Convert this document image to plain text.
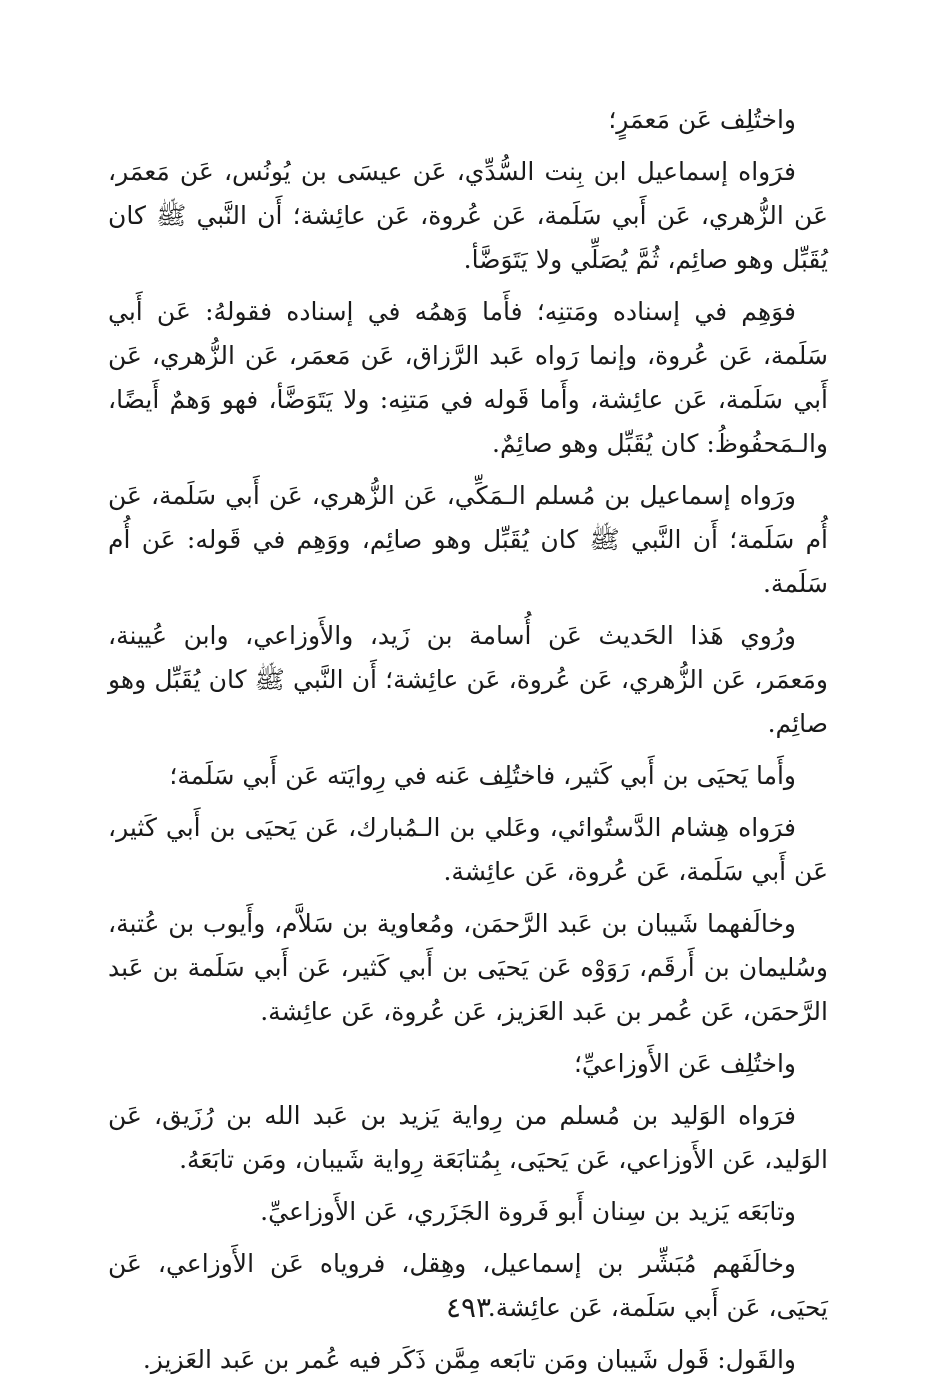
واختُلِف عَن مَعمَرٍ؛

فرَواه إسماعيل ابن بِنت السُّدِّي، عَن عيسَى بن يُونُس، عَن مَعمَر، عَن الزُّهري، عَن أَبي سَلَمة، عَن عُروة، عَن عائِشة؛ أَن النَّبي ﷺ كان يُقَبِّل وهو صائِم، ثُمَّ يُصَلِّي ولا يَتَوَضَّأ.

فوَهِم في إسناده ومَتنِه؛ فأَما وَهمُه في إسناده فقولهُ: عَن أَبي سَلَمة، عَن عُروة، وإنما رَواه عَبد الرَّزاق، عَن مَعمَر، عَن الزُّهري، عَن أَبي سَلَمة، عَن عائِشة، وأَما قَوله في مَتنِه: ولا يَتَوَضَّأ، فهو وَهمٌ أَيضًا، والـمَحفُوظُ: كان يُقَبِّل وهو صائِمٌ.

ورَواه إسماعيل بن مُسلم الـمَكِّي، عَن الزُّهري، عَن أَبي سَلَمة، عَن أُم سَلَمة؛ أَن النَّبي ﷺ كان يُقَبِّل وهو صائِم، ووَهِم في قَوله: عَن أُم سَلَمة.

ورُوي هَذا الحَديث عَن أُسامة بن زَيد، والأَوزاعي، وابن عُيينة، ومَعمَر، عَن الزُّهري، عَن عُروة، عَن عائِشة؛ أَن النَّبي ﷺ كان يُقَبِّل وهو صائِم.

وأَما يَحيَى بن أَبي كَثير، فاختُلِف عَنه في رِوايَته عَن أَبي سَلَمة؛

فرَواه هِشام الدَّستُوائي، وعَلي بن الـمُبارك، عَن يَحيَى بن أَبي كَثير، عَن أَبي سَلَمة، عَن عُروة، عَن عائِشة.

وخالَفهما شَيبان بن عَبد الرَّحمَن، ومُعاوية بن سَلاَّم، وأَيوب بن عُتبة، وسُليمان بن أَرقَم، رَوَوْه عَن يَحيَى بن أَبي كَثير، عَن أَبي سَلَمة بن عَبد الرَّحمَن، عَن عُمر بن عَبد العَزيز، عَن عُروة، عَن عائِشة.

واختُلِف عَن الأَوزاعيِّ؛

فرَواه الوَليد بن مُسلم من رِواية يَزيد بن عَبد الله بن رُزَيق، عَن الوَليد، عَن الأَوزاعي، عَن يَحيَى، بِمُتابَعَة رِواية شَيبان، ومَن تابَعَهُ.

وتابَعَه يَزيد بن سِنان أَبو فَروة الجَزَري، عَن الأَوزاعيِّ.

وخالَفَهم مُبَشِّر بن إسماعيل، وهِقل، فروياه عَن الأَوزاعي، عَن يَحيَى، عَن أَبي سَلَمة، عَن عائِشة.

والقَول: قَول شَيبان ومَن تابَعه مِمَّن ذَكَر فيه عُمر بن عَبد العَزيز.

٤٩٣
